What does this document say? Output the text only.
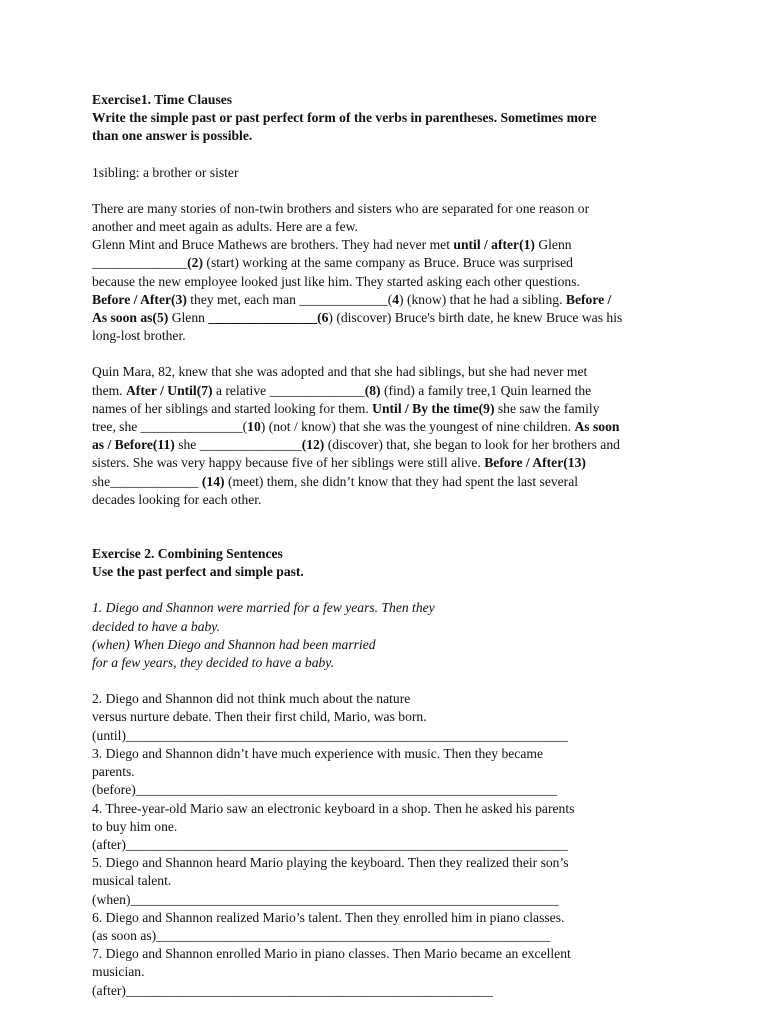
Exercise1. Time Clauses

Write the simple past or past perfect form of the verbs in parentheses. Sometimes more

than one answer is possible.

1sibling: a brother or sister

There are many stories of non-twin brothers and sisters who are separated for one reason or

another and meet again as adults. Here are a few.

Glenn Mint and Bruce Mathews are brothers. They had never met until / after(1) Glenn

______________(2) (start) working at the same company as Bruce. Bruce was surprised

because the new employee looked just like him. They started asking each other questions.

Before / After(3) they met, each man _____________(4) (know) that he had a sibling. Before /

As soon as(5) Glenn ________________(6) (discover) Bruce's birth date, he knew Bruce was his

long-lost brother.

Quin Mara, 82, knew that she was adopted and that she had siblings, but she had never met

them. After / Until(7) a relative ______________(8) (find) a family tree,1 Quin learned the

names of her siblings and started looking for them. Until / By the time(9) she saw the family

tree, she _______________(10) (not / know) that she was the youngest of nine children. As soon

as / Before(11) she _______________(12) (discover) that, she began to look for her brothers and

sisters. She was very happy because five of her siblings were still alive. Before / After(13)

she_____________ (14) (meet) them, she didn’t know that they had spent the last several

decades looking for each other.

Exercise 2. Combining Sentences

Use the past perfect and simple past.

1. Diego and Shannon were married for a few years. Then they

decided to have a baby.

(when) When Diego and Shannon had been married

for a few years, they decided to have a baby.

2. Diego and Shannon did not think much about the nature

versus nurture debate. Then their first child, Mario, was born.

(until)_________________________________________________________________

3. Diego and Shannon didn’t have much experience with music. Then they became

parents.

(before)______________________________________________________________

4. Three-year-old Mario saw an electronic keyboard in a shop. Then he asked his parents

to buy him one.

(after)_________________________________________________________________

5. Diego and Shannon heard Mario playing the keyboard. Then they realized their son’s

musical talent.

(when)_______________________________________________________________

6. Diego and Shannon realized Mario’s talent. Then they enrolled him in piano classes.

(as soon as)__________________________________________________________

7. Diego and Shannon enrolled Mario in piano classes. Then Mario became an excellent

musician.

(after)______________________________________________________
